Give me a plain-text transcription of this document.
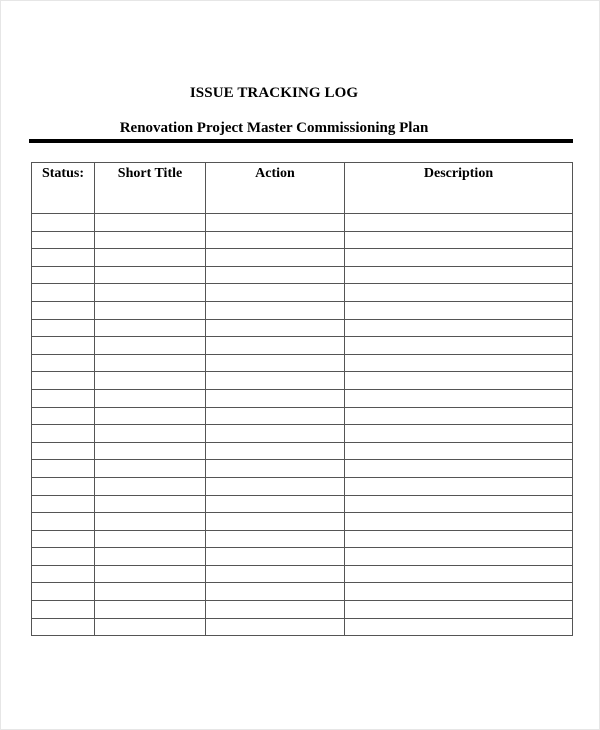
ISSUE TRACKING LOG
Renovation Project Master Commissioning Plan
Status:	Short Title	Action	Description
